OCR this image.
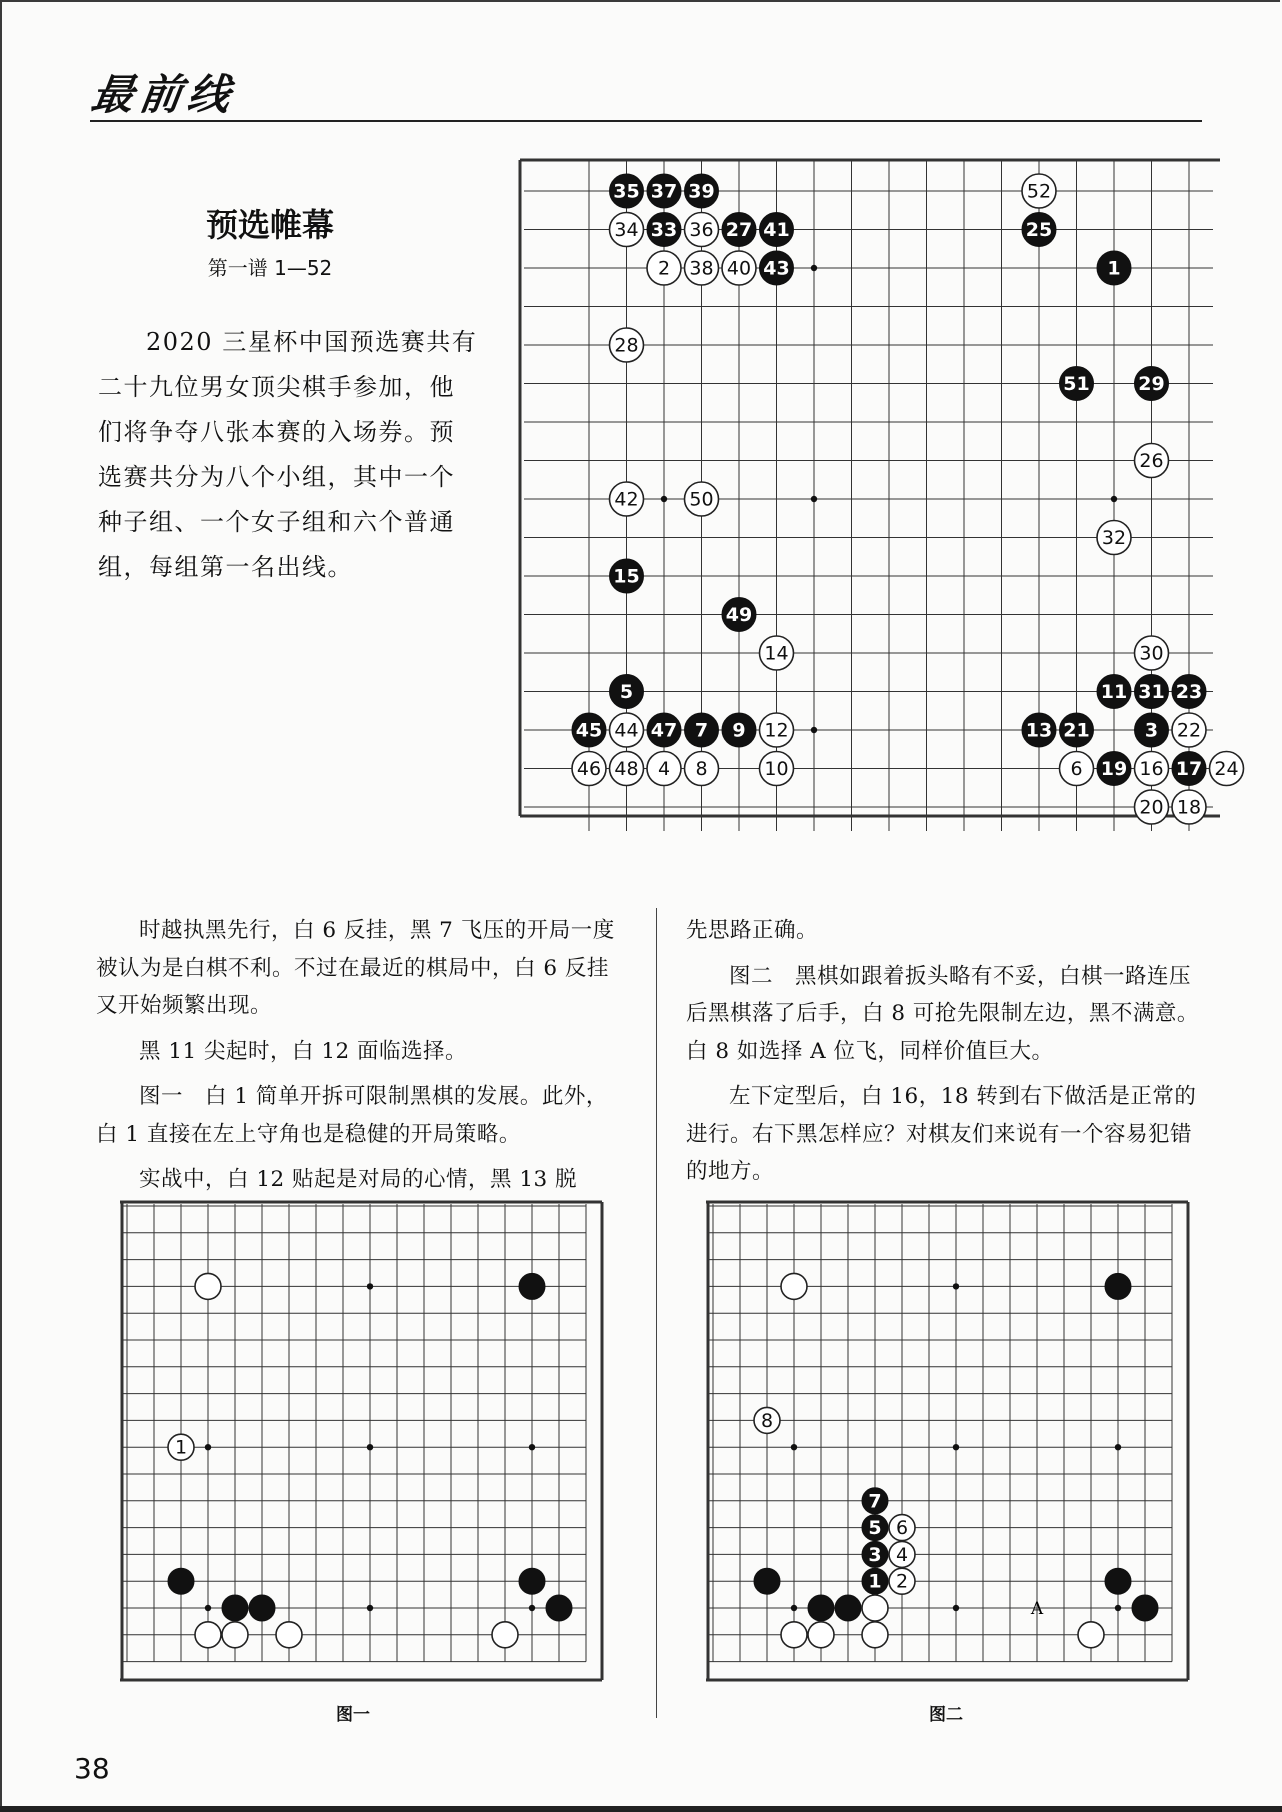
最前线
预选帷幕
第一谱 1—52

2020 三星杯中国预选赛共有二十九位男女顶尖棋手参加，他们将争夺八张本赛的入场券。预选赛共分为八个小组，其中一个种子组、一个女子组和六个普通组，每组第一名出线。

35 37 39	52
34 33 36 27 41	25
2 38 40 43	1
28
51	29
26
42	50
32
15
49
14	30
5	11 31 23
45 44 47 7 9 12	13 21	3 22
46 48 4 8	10	6 19 16 17 24
20 18

时越执黑先行，白 6 反挂，黑 7 飞压的开局一度被认为是白棋不利。不过在最近的棋局中，白 6 反挂又开始频繁出现。

黑 11 尖起时，白 12 面临选择。

图一　白 1 简单开拆可限制黑棋的发展。此外，白 1 直接在左上守角也是稳健的开局策略。

实战中，白 12 贴起是对局的心情，黑 13 脱

先思路正确。

图二　黑棋如跟着扳头略有不妥，白棋一路连压后黑棋落了后手，白 8 可抢先限制左边，黑不满意。白 8 如选择 A 位飞，同样价值巨大。

左下定型后，白 16，18 转到右下做活是正常的进行。右下黑怎样应？对棋友们来说有一个容易犯错的地方。

1
图一
8
7
5 6
3 4
1 2
A
图二
38
